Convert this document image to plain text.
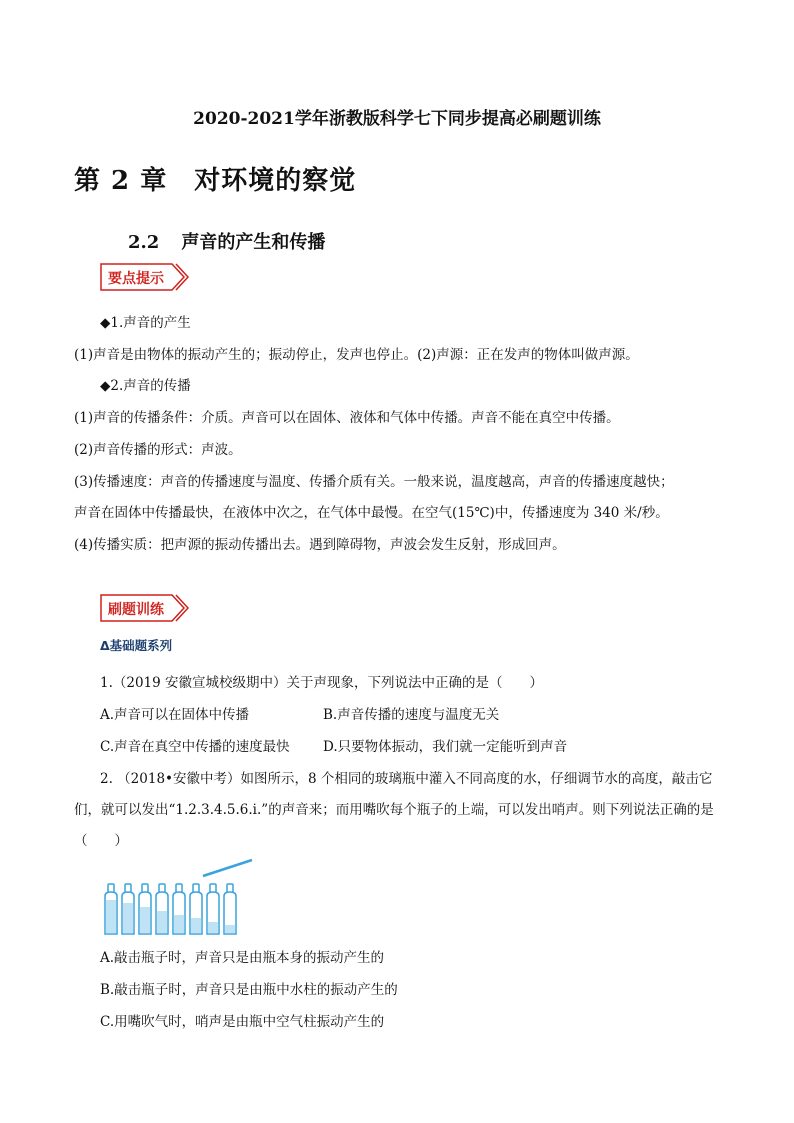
2020-2021学年浙教版科学七下同步提高必刷题训练
第 2 章　对环境的察觉
2.2 声音的产生和传播
要点提示
◆1.声音的产生
(1)声音是由物体的振动产生的；振动停止，发声也停止。(2)声源：正在发声的物体叫做声源。
◆2.声音的传播
(1)声音的传播条件：介质。声音可以在固体、液体和气体中传播。声音不能在真空中传播。
(2)声音传播的形式：声波。
(3)传播速度：声音的传播速度与温度、传播介质有关。一般来说，温度越高，声音的传播速度越快；
声音在固体中传播最快，在液体中次之，在气体中最慢。在空气(15℃)中，传播速度为 340 米/秒。
(4)传播实质：把声源的振动传播出去。遇到障碍物，声波会发生反射，形成回声。
刷题训练
Δ基础题系列
1.（2019 安徽宣城校级期中）关于声现象，下列说法中正确的是（　　）
A.声音可以在固体中传播	B.声音传播的速度与温度无关
C.声音在真空中传播的速度最快 D.只要物体振动，我们就一定能听到声音
2. （2018•安徽中考）如图所示，8 个相同的玻璃瓶中灌入不同高度的水，仔细调节水的高度，敲击它
们，就可以发出“1.2.3.4.5.6.i.”的声音来；而用嘴吹每个瓶子的上端，可以发出哨声。则下列说法正确的是
（　　）
A.敲击瓶子时，声音只是由瓶本身的振动产生的
B.敲击瓶子时，声音只是由瓶中水柱的振动产生的
C.用嘴吹气时，哨声是由瓶中空气柱振动产生的
